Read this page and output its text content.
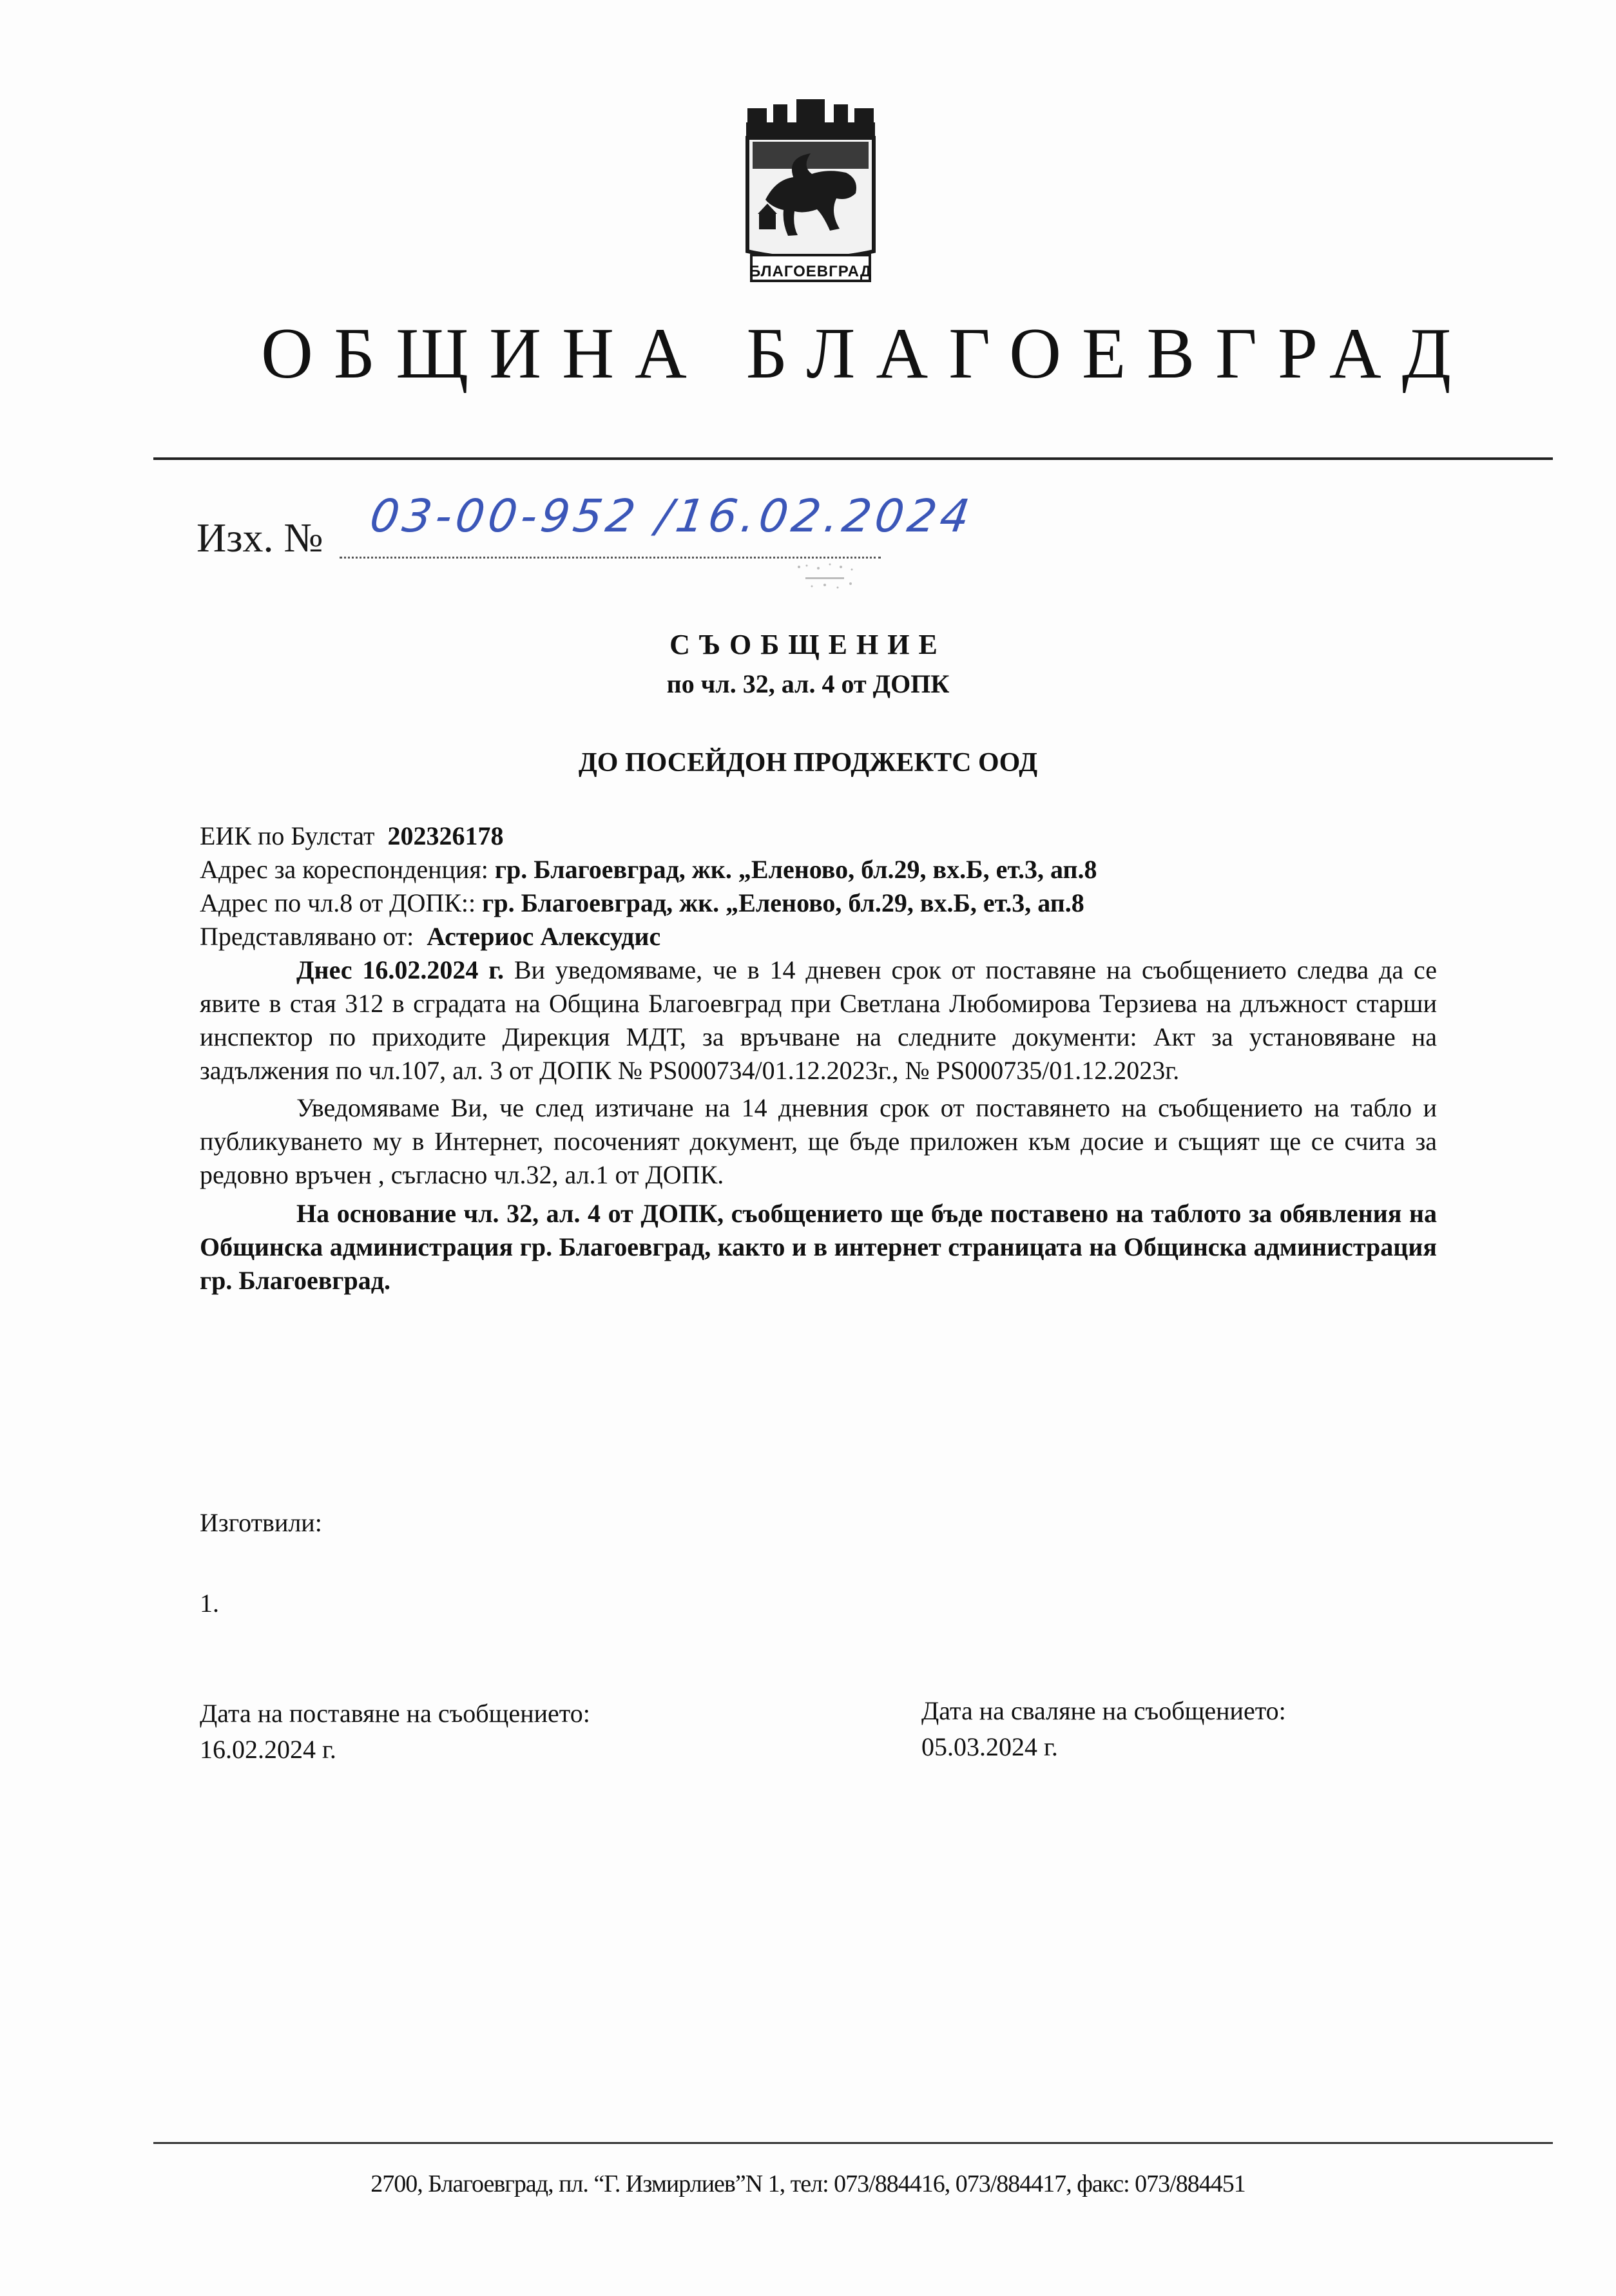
БЛАГОЕВГРАД
ОБЩИНА БЛАГОЕВГРАД
Изх. № 03-00-952 /16.02.2024
СЪОБЩЕНИЕ
по чл. 32, ал. 4 от ДОПК
ДО ПОСЕЙДОН ПРОДЖЕКТС ООД
ЕИК по Булстат 202326178
Адрес за кореспонденция: гр. Благоевград, жк. „Еленово, бл.29, вх.Б, ет.3, ап.8
Адрес по чл.8 от ДОПК:: гр. Благоевград, жк. „Еленово, бл.29, вх.Б, ет.3, ап.8
Представлявано от: Астериос Алексудис
Днес 16.02.2024 г. Ви уведомяваме, че в 14 дневен срок от поставяне на съобщението следва да се явите в стая 312 в сградата на Община Благоевград при Светлана Любомирова Терзиева на длъжност старши инспектор по приходите Дирекция МДТ, за връчване на следните документи: Акт за установяване на задължения по чл.107, ал. 3 от ДОПК № PS000734/01.12.2023г., № PS000735/01.12.2023г.
Уведомяваме Ви, че след изтичане на 14 дневния срок от поставянето на съобщението на табло и публикуването му в Интернет, посоченият документ, ще бъде приложен към досие и същият ще се счита за редовно връчен , съгласно чл.32, ал.1 от ДОПК.
На основание чл. 32, ал. 4 от ДОПК, съобщението ще бъде поставено на таблото за обявления на Общинска администрация гр. Благоевград, както и в интернет страницата на Общинска администрация гр. Благоевград.
Изготвили:
1.
Дата на поставяне на съобщението:
16.02.2024 г.
Дата на сваляне на съобщението:
05.03.2024 г.
2700, Благоевград, пл. “Г. Измирлиев”N 1, тел: 073/884416, 073/884417, факс: 073/884451
